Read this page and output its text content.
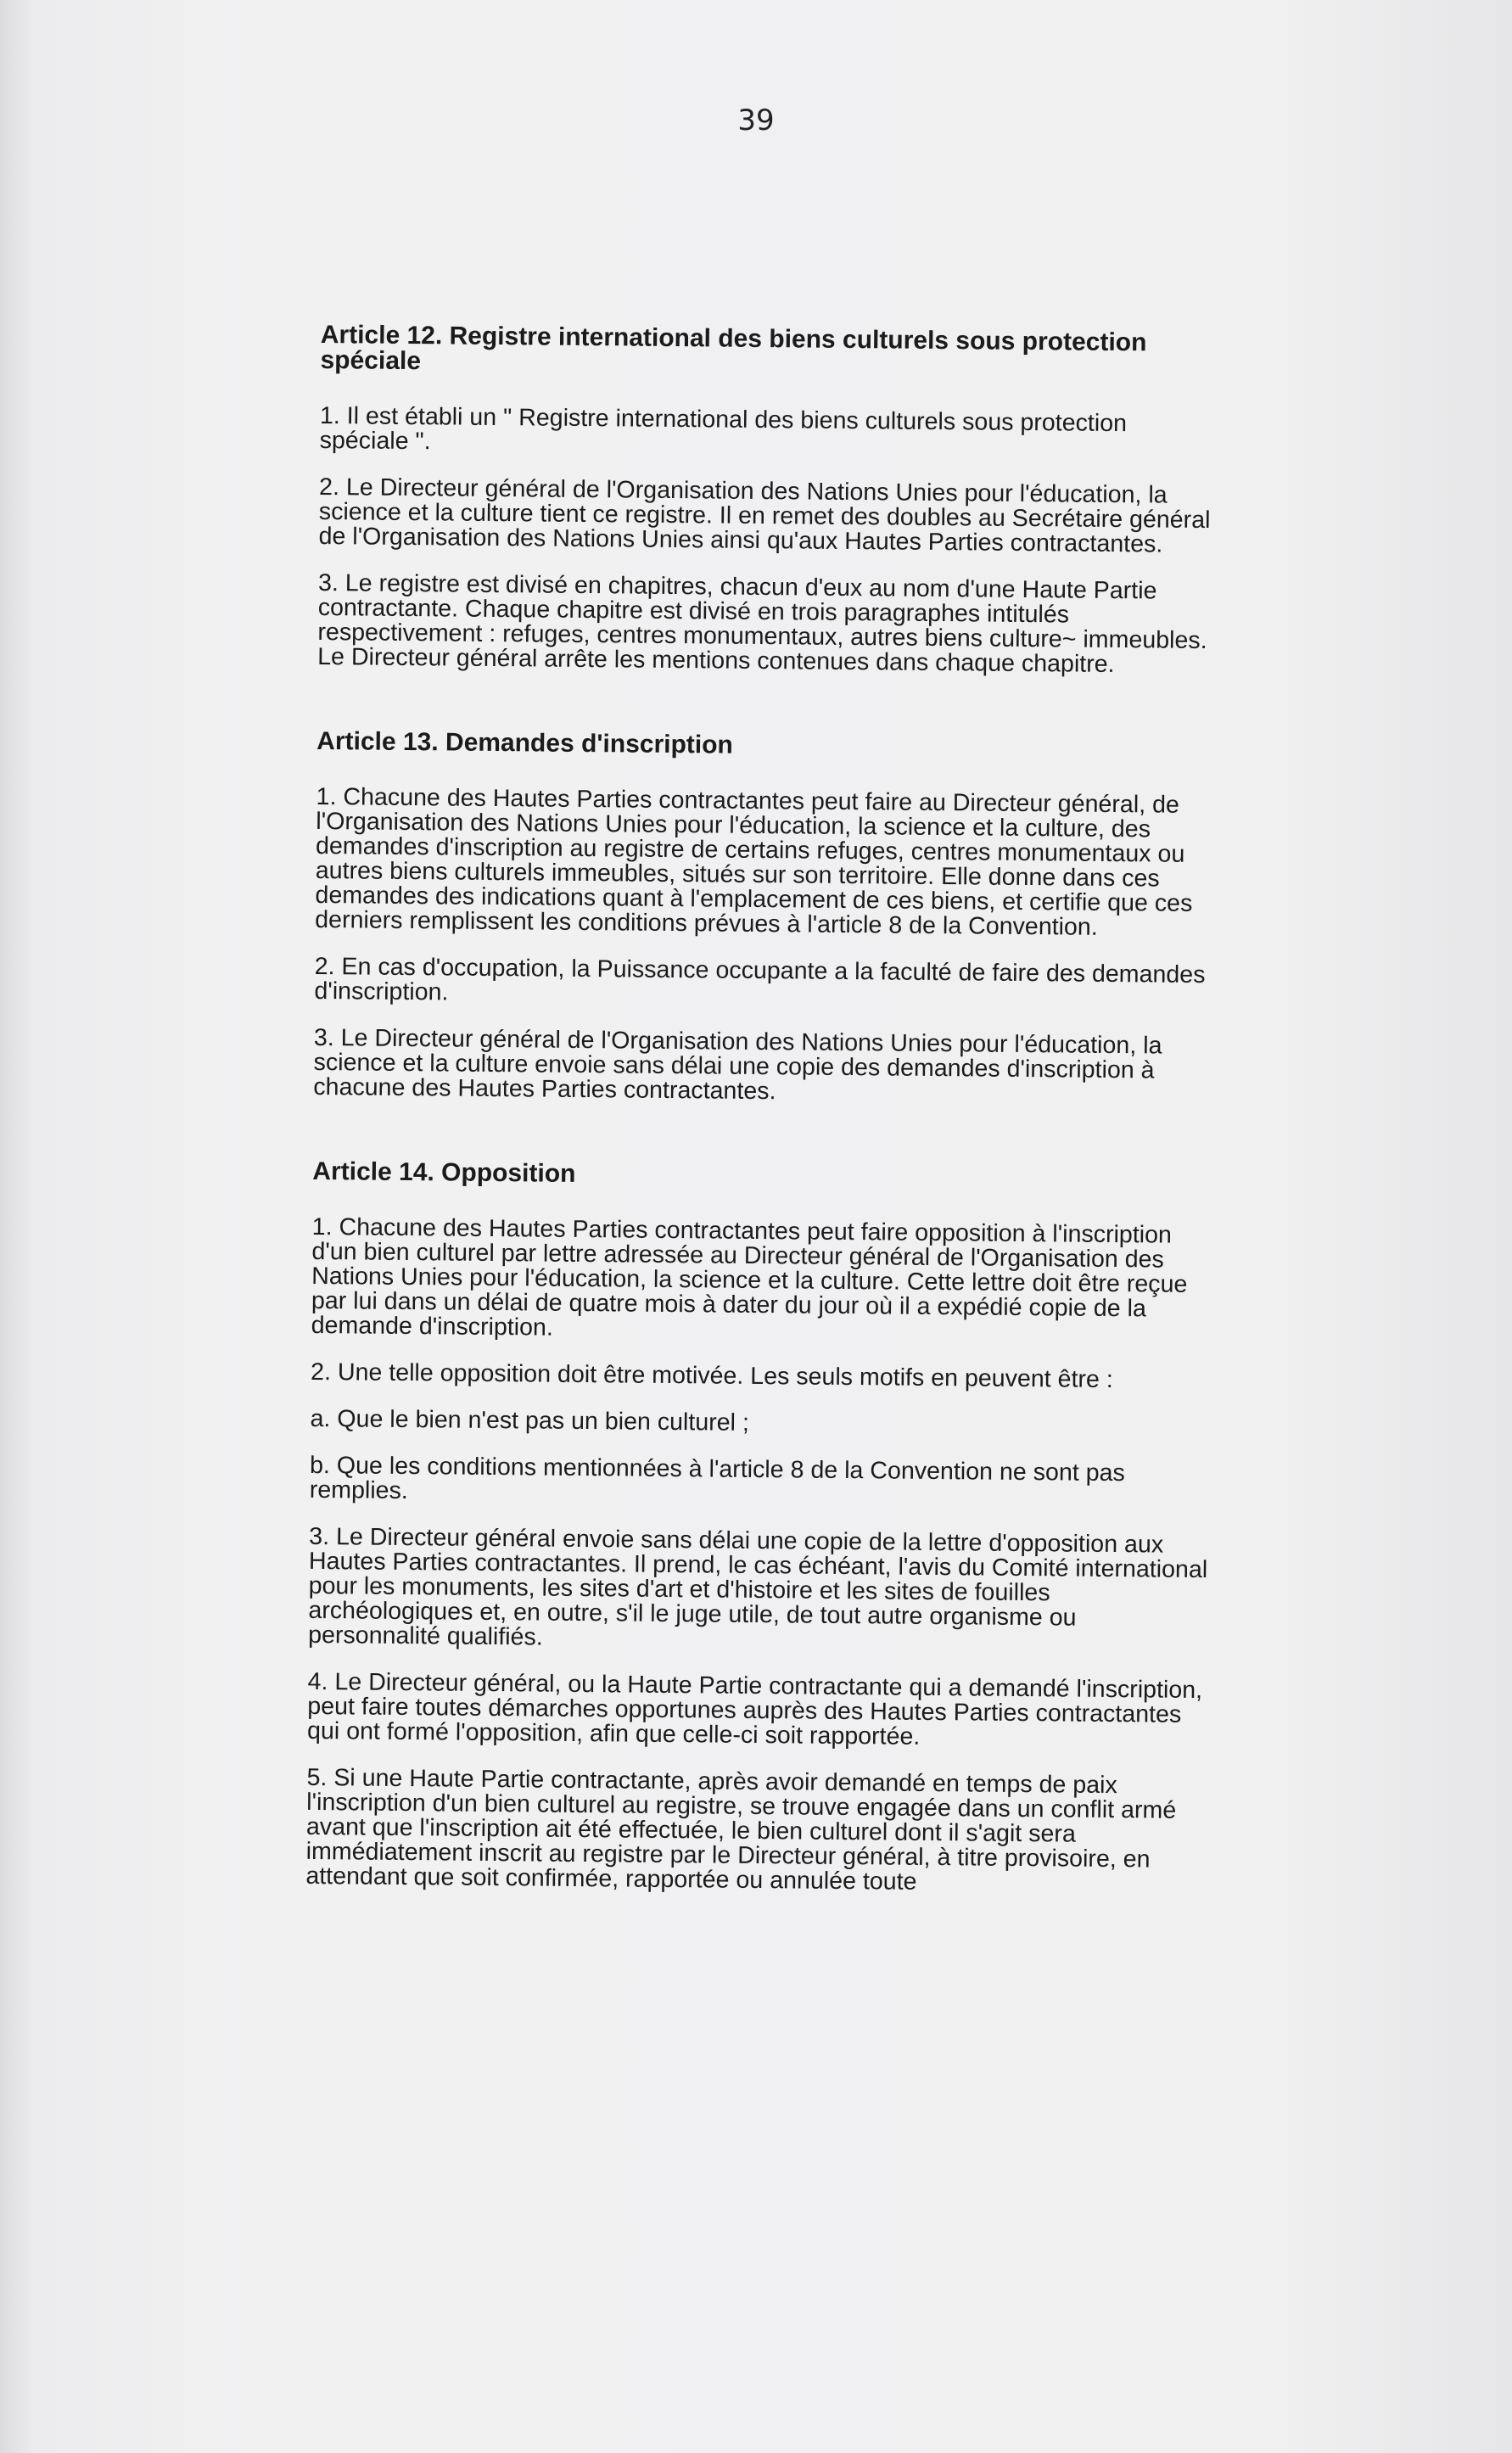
39
Article 12. Registre international des biens culturels sous protection spéciale

1. Il est établi un " Registre international des biens culturels sous protection spéciale ".

2. Le Directeur général de l'Organisation des Nations Unies pour l'éducation, la science et la culture tient ce registre. Il en remet des doubles au Secrétaire général de l'Organisation des Nations Unies ainsi qu'aux Hautes Parties contractantes.

3. Le registre est divisé en chapitres, chacun d'eux au nom d'une Haute Partie contractante. Chaque chapitre est divisé en trois paragraphes intitulés respectivement : refuges, centres monumentaux, autres biens culture~ immeubles. Le Directeur général arrête les mentions contenues dans chaque chapitre.

Article 13. Demandes d'inscription

1. Chacune des Hautes Parties contractantes peut faire au Directeur général, de l'Organisation des Nations Unies pour l'éducation, la science et la culture, des demandes d'inscription au registre de certains refuges, centres monumentaux ou autres biens culturels immeubles, situés sur son territoire. Elle donne dans ces demandes des indications quant à l'emplacement de ces biens, et certifie que ces derniers remplissent les conditions prévues à l'article 8 de la Convention.

2. En cas d'occupation, la Puissance occupante a la faculté de faire des demandes d'inscription.

3. Le Directeur général de l'Organisation des Nations Unies pour l'éducation, la science et la culture envoie sans délai une copie des demandes d'inscription à chacune des Hautes Parties contractantes.

Article 14. Opposition

1. Chacune des Hautes Parties contractantes peut faire opposition à l'inscription d'un bien culturel par lettre adressée au Directeur général de l'Organisation des Nations Unies pour l'éducation, la science et la culture. Cette lettre doit être reçue par lui dans un délai de quatre mois à dater du jour où il a expédié copie de la demande d'inscription.

2. Une telle opposition doit être motivée. Les seuls motifs en peuvent être :

a. Que le bien n'est pas un bien culturel ;

b. Que les conditions mentionnées à l'article 8 de la Convention ne sont pas remplies.

3. Le Directeur général envoie sans délai une copie de la lettre d'opposition aux Hautes Parties contractantes. Il prend, le cas échéant, l'avis du Comité international pour les monuments, les sites d'art et d'histoire et les sites de fouilles archéologiques et, en outre, s'il le juge utile, de tout autre organisme ou personnalité qualifiés.

4. Le Directeur général, ou la Haute Partie contractante qui a demandé l'inscription, peut faire toutes démarches opportunes auprès des Hautes Parties contractantes qui ont formé l'opposition, afin que celle-ci soit rapportée.

5. Si une Haute Partie contractante, après avoir demandé en temps de paix l'inscription d'un bien culturel au registre, se trouve engagée dans un conflit armé avant que l'inscription ait été effectuée, le bien culturel dont il s'agit sera immédiatement inscrit au registre par le Directeur général, à titre provisoire, en attendant que soit confirmée, rapportée ou annulée toute
